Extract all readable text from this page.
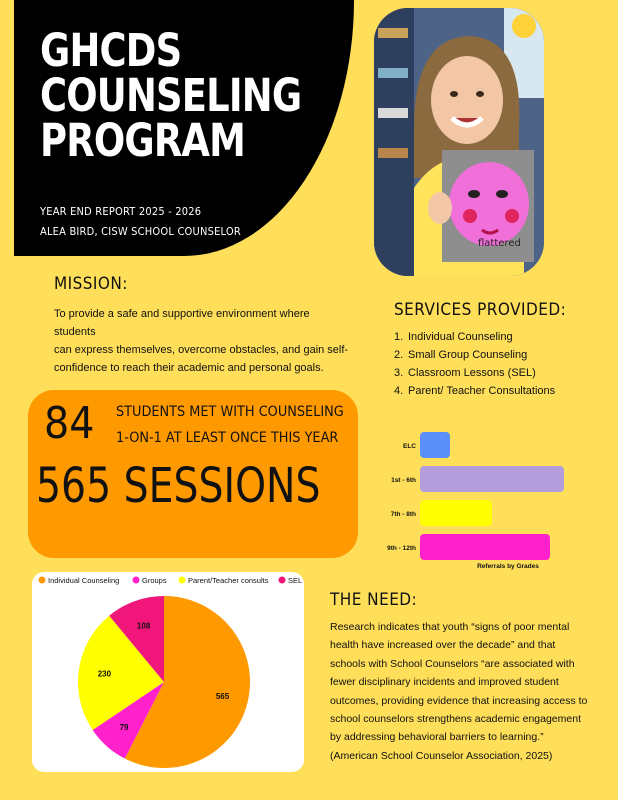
GHCDS
COUNSELING
PROGRAM
YEAR END REPORT 2025 - 2026
ALEA BIRD, CISW SCHOOL COUNSELOR
flattered
MISSION:
To provide a safe and supportive environment where students
can express themselves, overcome obstacles, and gain self-
confidence to reach their academic and personal goals.
SERVICES PROVIDED:
1. Individual Counseling
2. Small Group Counseling
3. Classroom Lessons (SEL)
4. Parent/ Teacher Consultations
84 STUDENTS MET WITH COUNSELING
1-ON-1 AT LEAST ONCE THIS YEAR
565 SESSIONS
ELC
1st - 6th
7th - 8th
9th - 12th
Referrals by Grades
Individual Counseling	Groups	Parent/Teacher consults	SEL
565
79
230
108
THE NEED:
Research indicates that youth “signs of poor mental
health have increased over the decade” and that
schools with School Counselors “are associated with
fewer disciplinary incidents and improved student
outcomes, providing evidence that increasing access to
school counselors strengthens academic engagement
by addressing behavioral barriers to learning.”
(American School Counselor Association, 2025)
